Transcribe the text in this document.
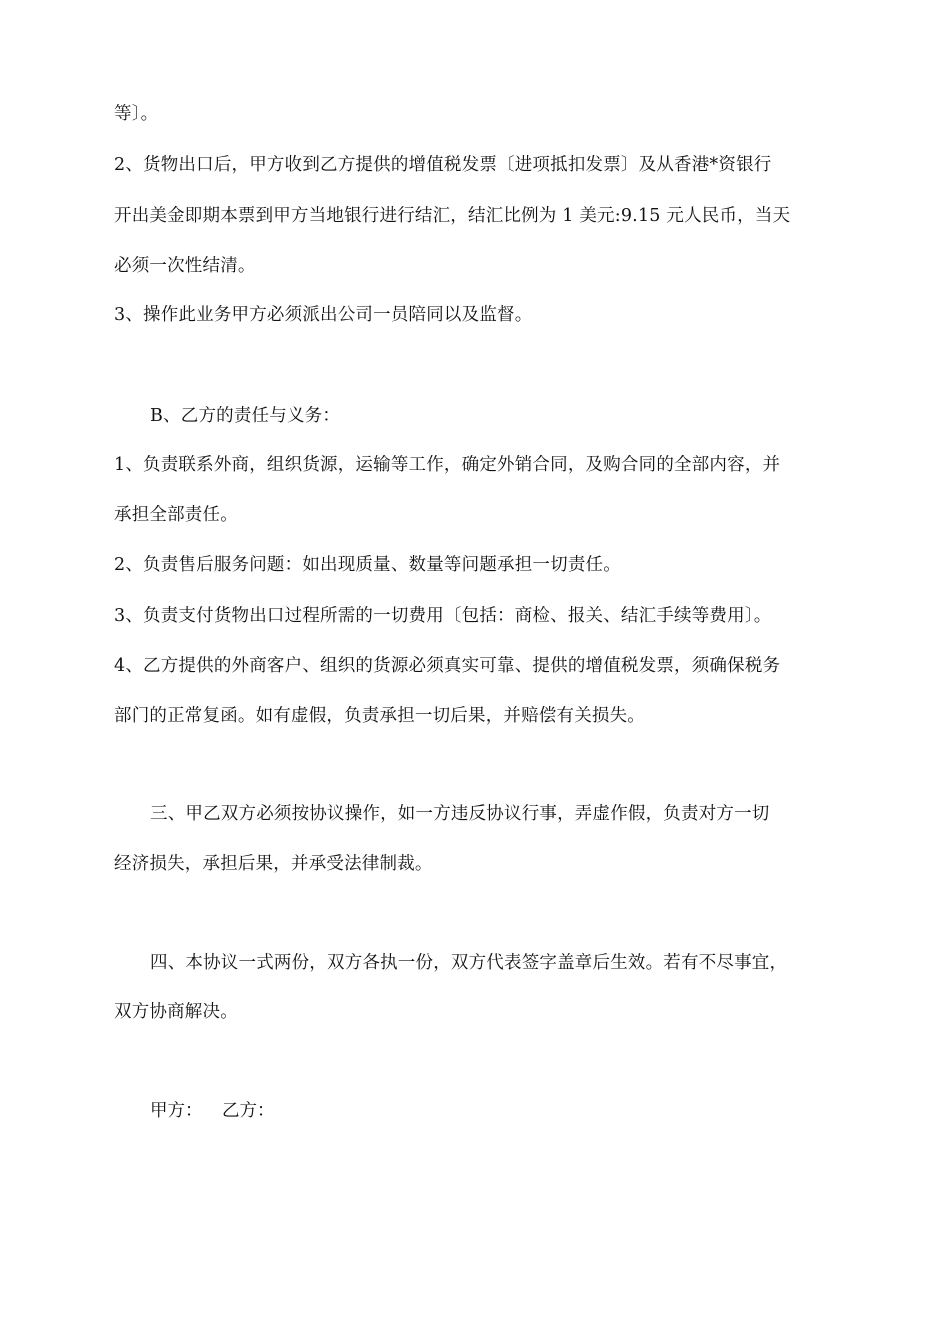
等〕。
2、货物出口后，甲方收到乙方提供的增值税发票〔进项抵扣发票〕及从香港*资银行
开出美金即期本票到甲方当地银行进行结汇，结汇比例为 1 美元:9.15 元人民币，当天
必须一次性结清。
3、操作此业务甲方必须派出公司一员陪同以及监督。
B、乙方的责任与义务：
1、负责联系外商，组织货源，运输等工作，确定外销合同，及购合同的全部内容，并
承担全部责任。
2、负责售后服务问题：如出现质量、数量等问题承担一切责任。
3、负责支付货物出口过程所需的一切费用〔包括：商检、报关、结汇手续等费用〕。
4、乙方提供的外商客户、组织的货源必须真实可靠、提供的增值税发票，须确保税务
部门的正常复函。如有虚假，负责承担一切后果，并赔偿有关损失。
三、甲乙双方必须按协议操作，如一方违反协议行事，弄虚作假，负责对方一切
经济损失，承担后果，并承受法律制裁。
四、本协议一式两份，双方各执一份，双方代表签字盖章后生效。若有不尽事宜，
双方协商解决。
甲方： 乙方：
